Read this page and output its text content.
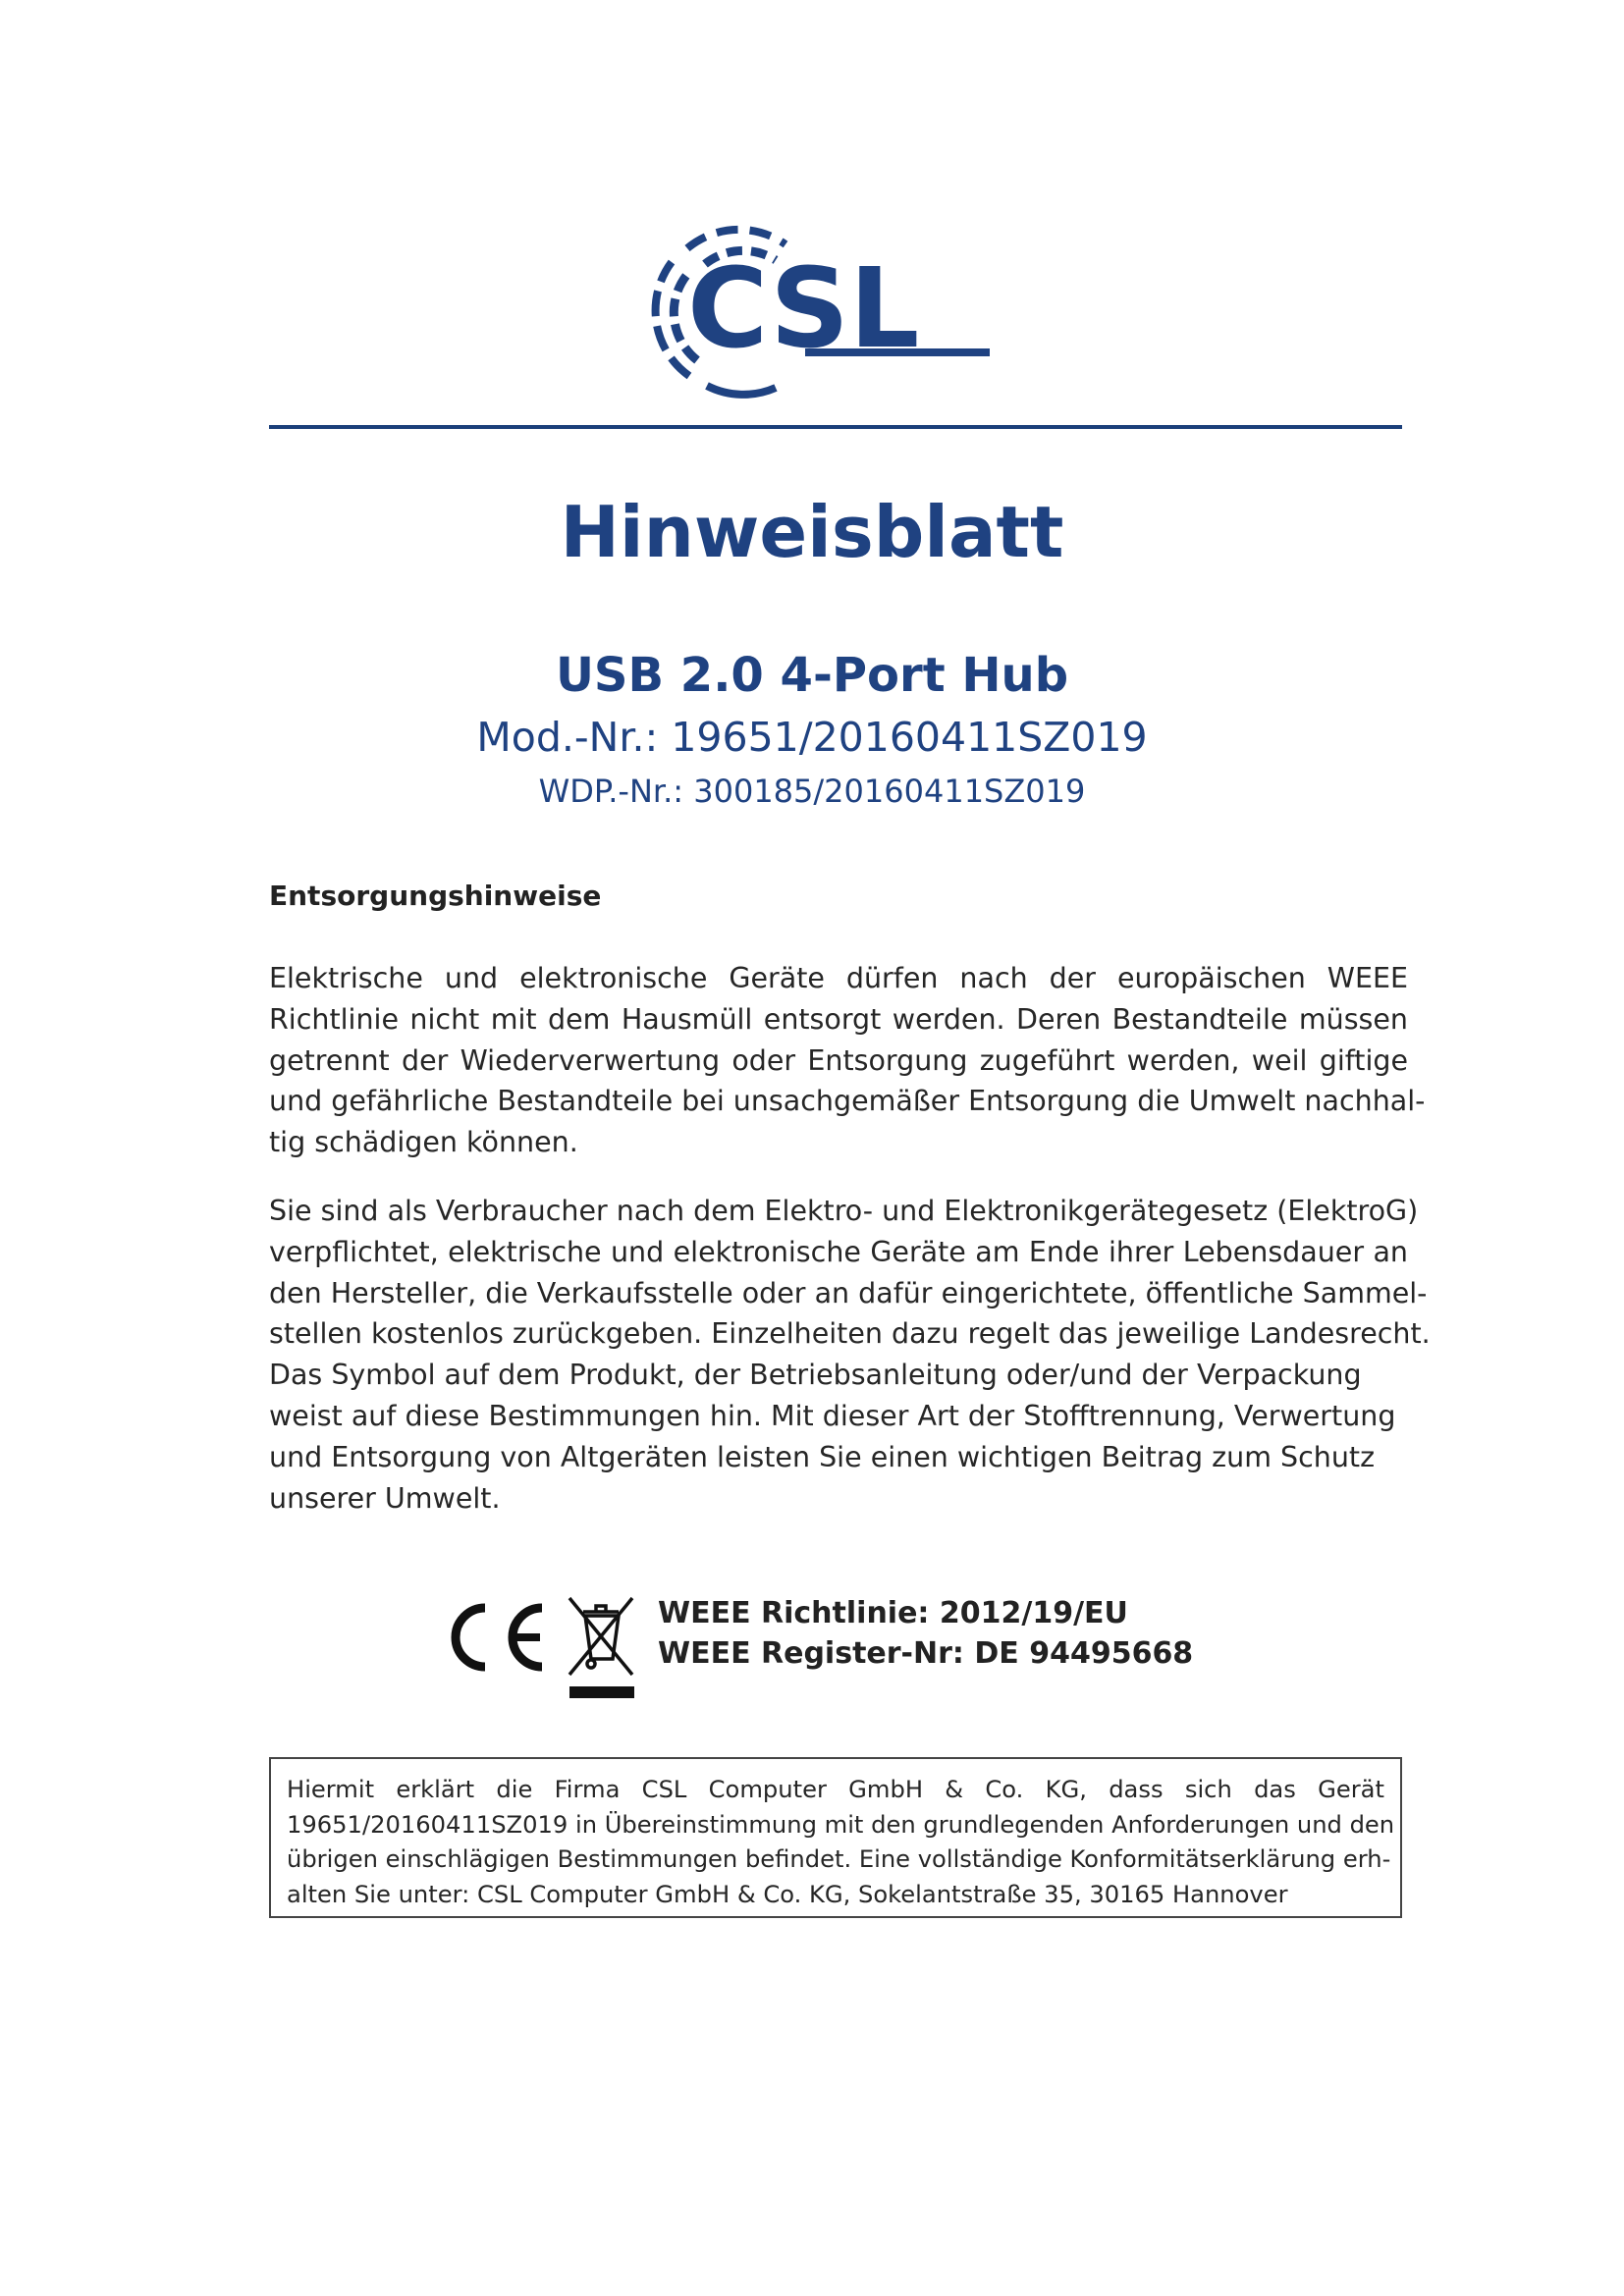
CSL
Hinweisblatt
USB 2.0 4-Port Hub
Mod.-Nr.: 19651/20160411SZ019
WDP.-Nr.: 300185/20160411SZ019
Entsorgungshinweise
Elektrische und elektronische Geräte dürfen nach der europäischen WEEE
Richtlinie nicht mit dem Hausmüll entsorgt werden. Deren Bestandteile müssen
getrennt der Wiederverwertung oder Entsorgung zugeführt werden, weil giftige
und gefährliche Bestandteile bei unsachgemäßer Entsorgung die Umwelt nachhal-
tig schädigen können.
Sie sind als Verbraucher nach dem Elektro- und Elektronikgerätegesetz (ElektroG)
verpflichtet, elektrische und elektronische Geräte am Ende ihrer Lebensdauer an
den Hersteller, die Verkaufsstelle oder an dafür eingerichtete, öffentliche Sammel-
stellen kostenlos zurückgeben. Einzelheiten dazu regelt das jeweilige Landesrecht.
Das Symbol auf dem Produkt, der Betriebsanleitung oder/und der Verpackung
weist auf diese Bestimmungen hin. Mit dieser Art der Stofftrennung, Verwertung
und Entsorgung von Altgeräten leisten Sie einen wichtigen Beitrag zum Schutz
unserer Umwelt.
WEEE Richtlinie: 2012/19/EU
WEEE Register-Nr: DE 94495668
Hiermit erklärt die Firma CSL Computer GmbH & Co. KG, dass sich das Gerät
19651/20160411SZ019 in Übereinstimmung mit den grundlegenden Anforderungen und den
übrigen einschlägigen Bestimmungen befindet. Eine vollständige Konformitätserklärung erh-
alten Sie unter: CSL Computer GmbH & Co. KG, Sokelantstraße 35, 30165 Hannover
